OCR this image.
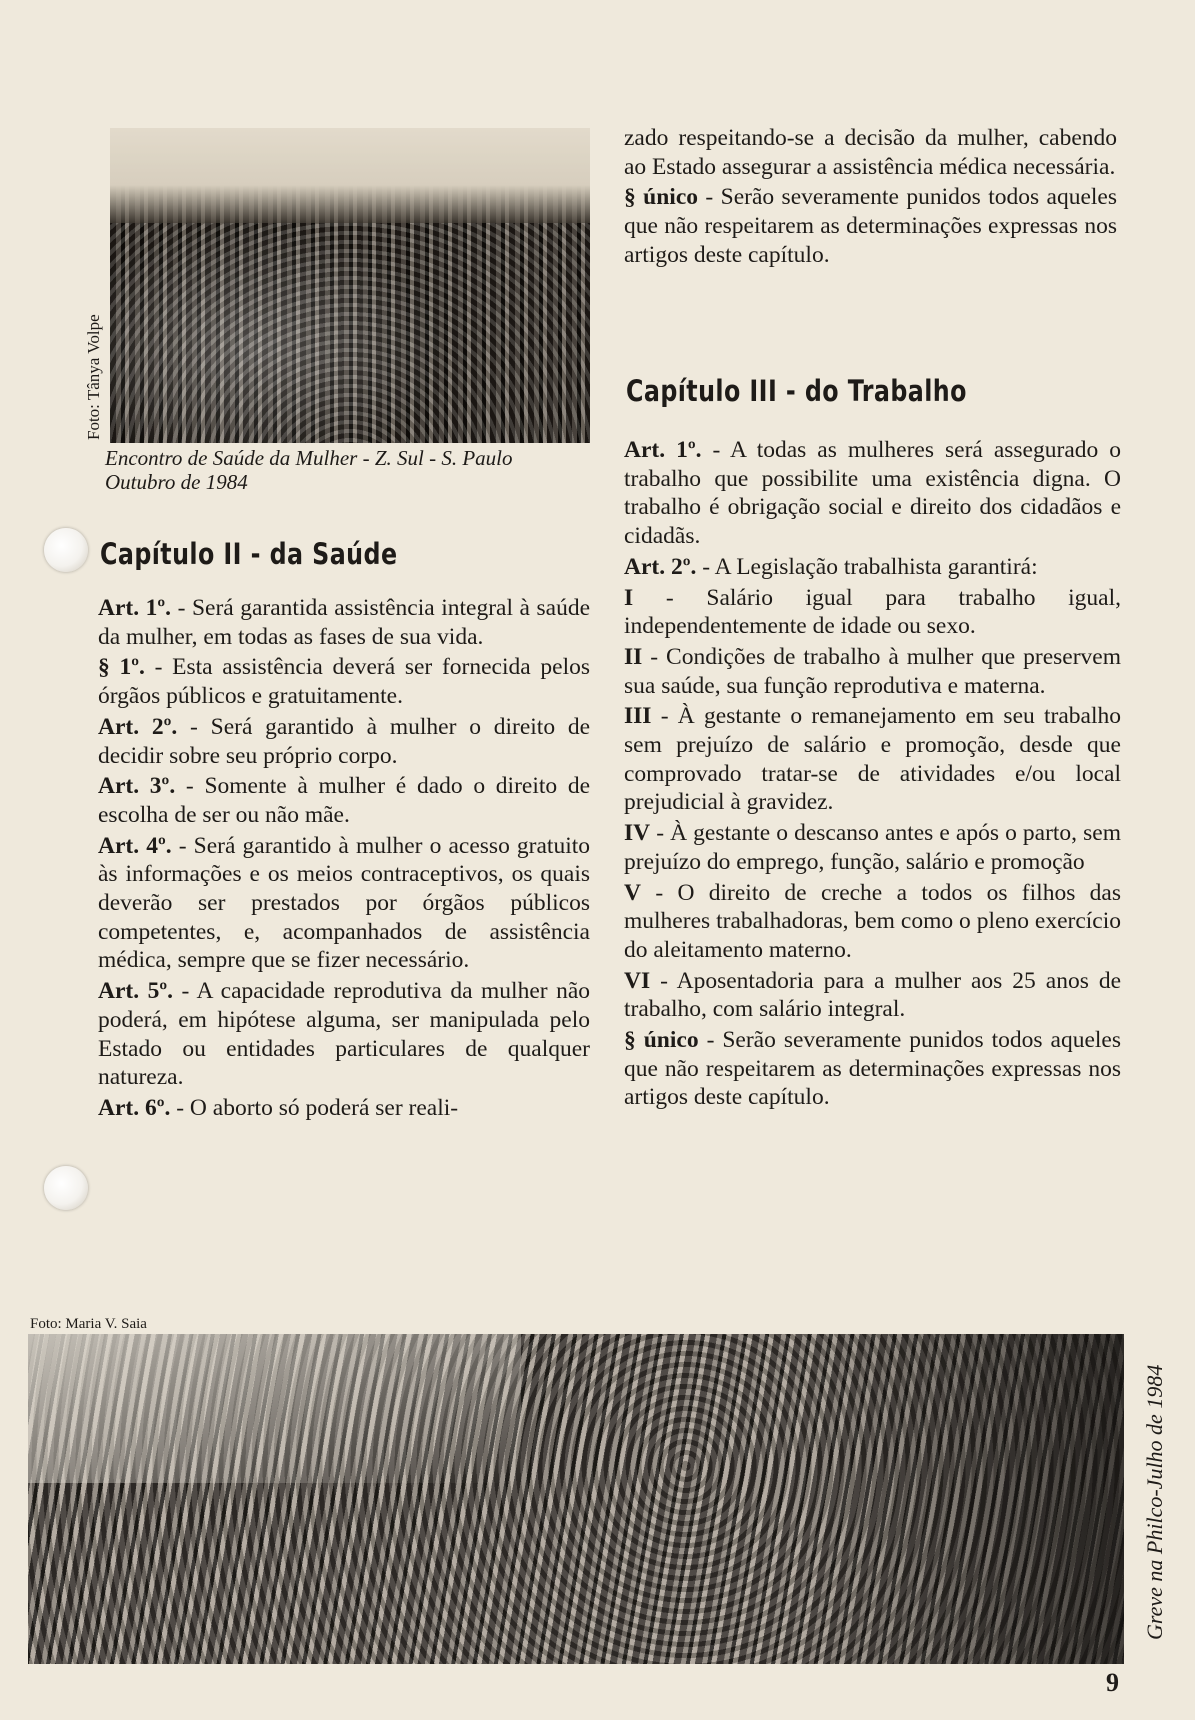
Foto: Tânya Volpe
Encontro de Saúde da Mulher - Z. Sul - S. Paulo
Outubro de 1984
Capítulo II - da Saúde

Art. 1º. - Será garantida assistência integral à saúde da mulher, em todas as fases de sua vida.

§ 1º. - Esta assistência deverá ser fornecida pelos órgãos públicos e gratuitamente.

Art. 2º. - Será garantido à mulher o direito de decidir sobre seu próprio corpo.

Art. 3º. - Somente à mulher é dado o direito de escolha de ser ou não mãe.

Art. 4º. - Será garantido à mulher o acesso gratuito às informações e os meios contraceptivos, os quais deverão ser prestados por órgãos públicos competentes, e, acompanhados de assistência médica, sempre que se fizer necessário.

Art. 5º. - A capacidade reprodutiva da mulher não poderá, em hipótese alguma, ser manipulada pelo Estado ou entidades particulares de qualquer natureza.

Art. 6º. - O aborto só poderá ser reali-

zado respeitando-se a decisão da mulher, cabendo ao Estado assegurar a assistência médica necessária.

§ único - Serão severamente punidos todos aqueles que não respeitarem as determinações expressas nos artigos deste capítulo.

Capítulo III - do Trabalho

Art. 1º. - A todas as mulheres será assegurado o trabalho que possibilite uma existência digna. O trabalho é obrigação social e direito dos cidadãos e cidadãs.

Art. 2º. - A Legislação trabalhista garantirá:

I - Salário igual para trabalho igual, independentemente de idade ou sexo.

II - Condições de trabalho à mulher que preservem sua saúde, sua função reprodutiva e materna.

III - À gestante o remanejamento em seu trabalho sem prejuízo de salário e promoção, desde que comprovado tratar-se de atividades e/ou local prejudicial à gravidez.

IV - À gestante o descanso antes e após o parto, sem prejuízo do emprego, função, salário e promoção

V - O direito de creche a todos os filhos das mulheres trabalhadoras, bem como o pleno exercício do aleitamento materno.

VI - Aposentadoria para a mulher aos 25 anos de trabalho, com salário integral.

§ único - Serão severamente punidos todos aqueles que não respeitarem as determinações expressas nos artigos deste capítulo.

Foto: Maria V. Saia
Greve na Philco-Julho de 1984
9
